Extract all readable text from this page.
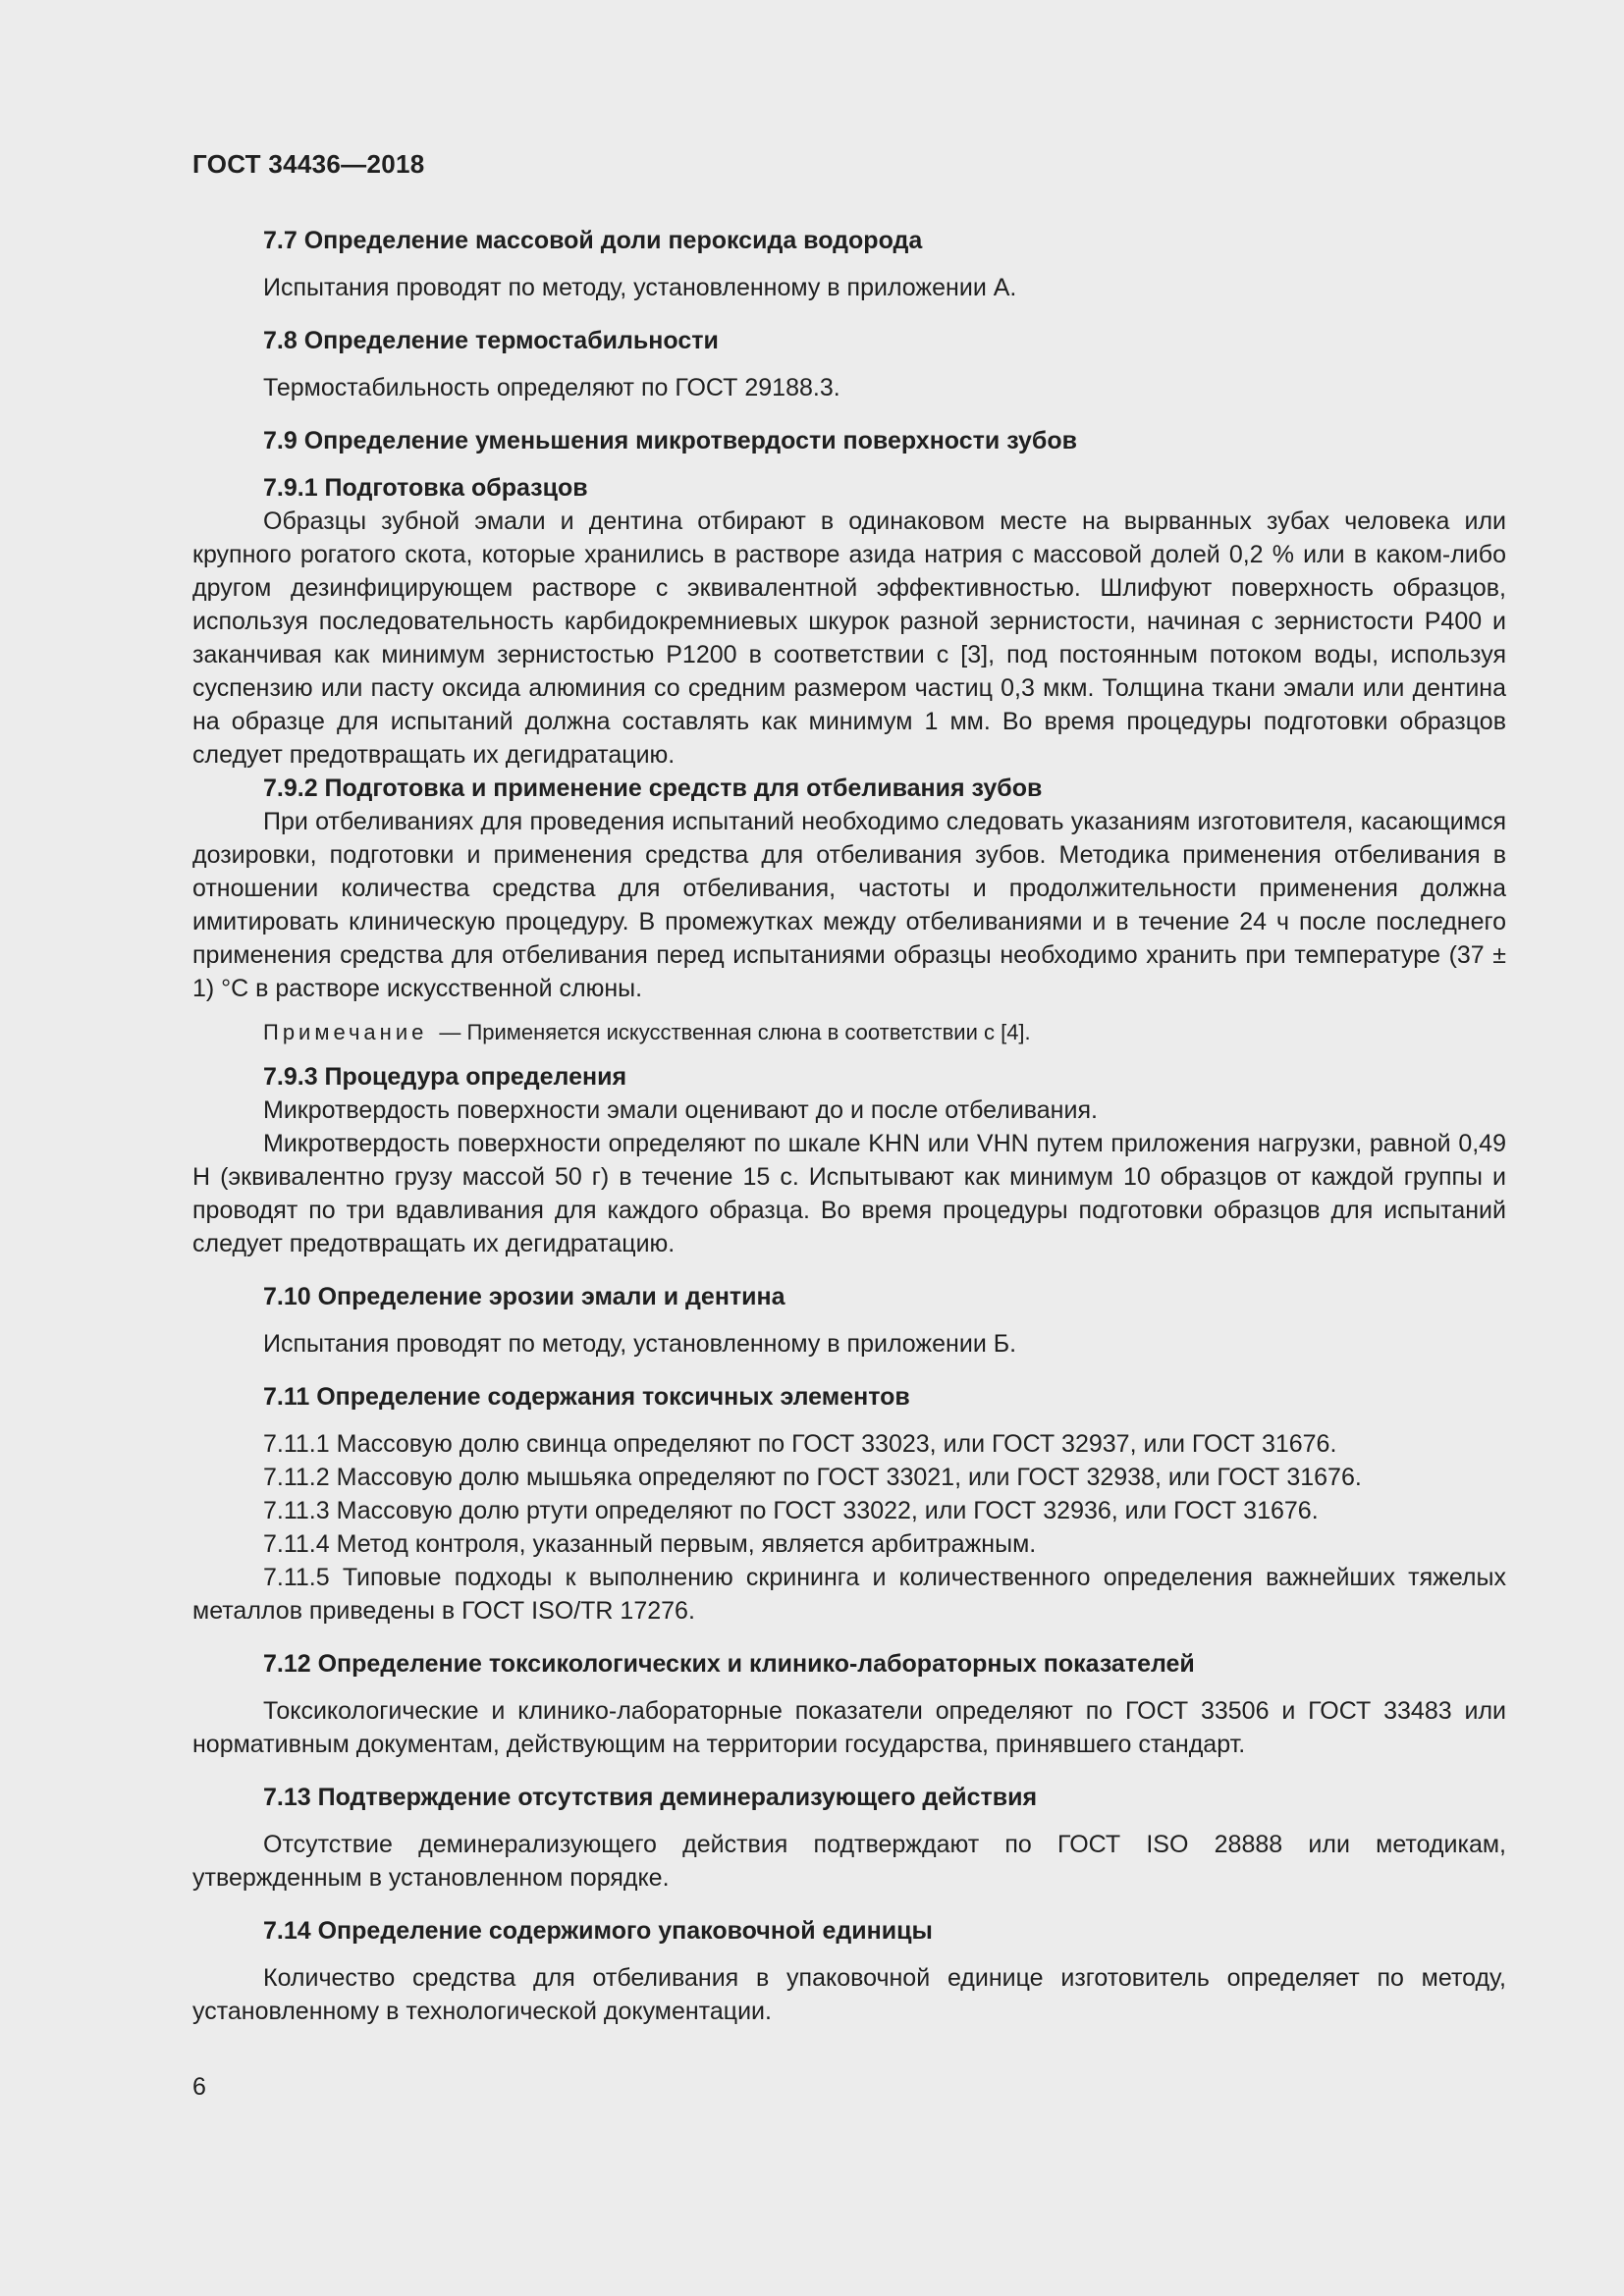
ГОСТ 34436—2018

7.7 Определение массовой доли пероксида водорода

Испытания проводят по методу, установленному в приложении А.

7.8 Определение термостабильности

Термостабильность определяют по ГОСТ 29188.3.

7.9 Определение уменьшения микротвердости поверхности зубов

7.9.1 Подготовка образцов

Образцы зубной эмали и дентина отбирают в одинаковом месте на вырванных зубах человека или крупного рогатого скота, которые хранились в растворе азида натрия с массовой долей 0,2 % или в каком-либо другом дезинфицирующем растворе с эквивалентной эффективностью. Шлифуют поверхность образцов, используя последовательность карбидокремниевых шкурок разной зернистости, начиная с зернистости Р400 и заканчивая как минимум зернистостью Р1200 в соответствии с [3], под постоянным потоком воды, используя суспензию или пасту оксида алюминия со средним размером частиц 0,3 мкм. Толщина ткани эмали или дентина на образце для испытаний должна составлять как минимум 1 мм. Во время процедуры подготовки образцов следует предотвращать их дегидратацию.

7.9.2 Подготовка и применение средств для отбеливания зубов

При отбеливаниях для проведения испытаний необходимо следовать указаниям изготовителя, касающимся дозировки, подготовки и применения средства для отбеливания зубов. Методика применения отбеливания в отношении количества средства для отбеливания, частоты и продолжительности применения должна имитировать клиническую процедуру. В промежутках между отбеливаниями и в течение 24 ч после последнего применения средства для отбеливания перед испытаниями образцы необходимо хранить при температуре (37 ± 1) °С в растворе искусственной слюны.

Примечание — Применяется искусственная слюна в соответствии с [4].

7.9.3 Процедура определения

Микротвердость поверхности эмали оценивают до и после отбеливания.

Микротвердость поверхности определяют по шкале KHN или VHN путем приложения нагрузки, равной 0,49 Н (эквивалентно грузу массой 50 г) в течение 15 с. Испытывают как минимум 10 образцов от каждой группы и проводят по три вдавливания для каждого образца. Во время процедуры подготовки образцов для испытаний следует предотвращать их дегидратацию.

7.10 Определение эрозии эмали и дентина

Испытания проводят по методу, установленному в приложении Б.

7.11 Определение содержания токсичных элементов

7.11.1 Массовую долю свинца определяют по ГОСТ 33023, или ГОСТ 32937, или ГОСТ 31676.

7.11.2 Массовую долю мышьяка определяют по ГОСТ 33021, или ГОСТ 32938, или ГОСТ 31676.

7.11.3 Массовую долю ртути определяют по ГОСТ 33022, или ГОСТ 32936, или ГОСТ 31676.

7.11.4 Метод контроля, указанный первым, является арбитражным.

7.11.5 Типовые подходы к выполнению скрининга и количественного определения важнейших тяжелых металлов приведены в ГОСТ ISO/TR 17276.

7.12 Определение токсикологических и клинико-лабораторных показателей

Токсикологические и клинико-лабораторные показатели определяют по ГОСТ 33506 и ГОСТ 33483 или нормативным документам, действующим на территории государства, принявшего стандарт.

7.13 Подтверждение отсутствия деминерализующего действия

Отсутствие деминерализующего действия подтверждают по ГОСТ ISO 28888 или методикам, утвержденным в установленном порядке.

7.14 Определение содержимого упаковочной единицы

Количество средства для отбеливания в упаковочной единице изготовитель определяет по методу, установленному в технологической документации.

6
